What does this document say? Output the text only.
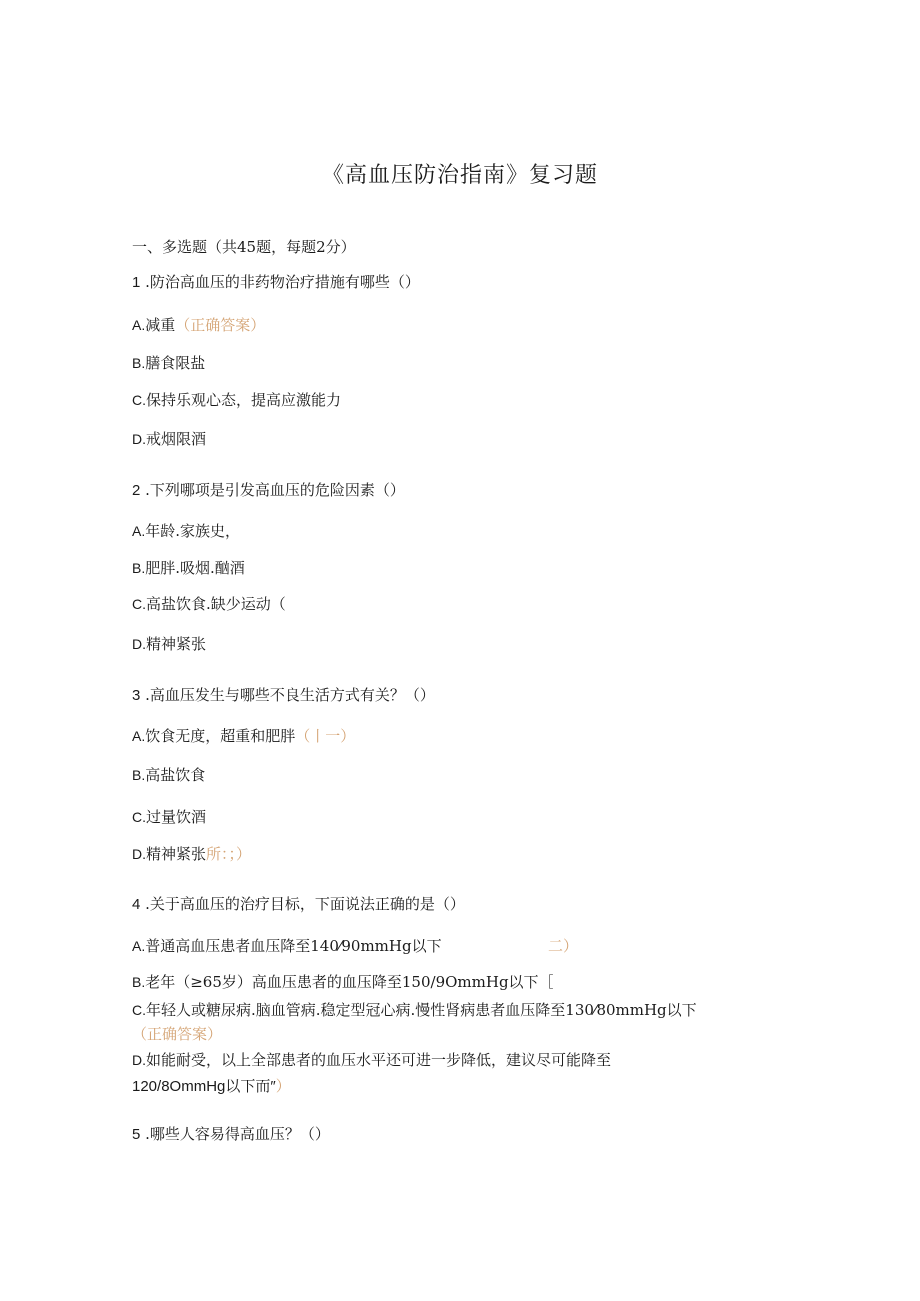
《高血压防治指南》复习题
一、多选题（共45题，每题2分）
1 .防治高血压的非药物治疗措施有哪些（）
A.减重（正确答案）
B.膳食限盐
C.保持乐观心态，提高应激能力
D.戒烟限酒
2 .下列哪项是引发高血压的危险因素（）
A.年龄.家族史，
B.肥胖.吸烟.酗酒
C.高盐饮食.缺少运动（
D.精神紧张
3 .高血压发生与哪些不良生活方式有关？（）
A.饮食无度，超重和肥胖（丨一）
B.高盐饮食
C.过量饮酒
D.精神紧张所：；）
4 .关于高血压的治疗目标，下面说法正确的是（）
A.普通高血压患者血压降至140⁄90mmHg以下	二）
B.老年（≥65岁）高血压患者的血压降至150/9OmmHg以下［
C.年轻人或糖尿病.脑血管病.稳定型冠心病.慢性肾病患者血压降至130⁄80mmHg以下
（正确答案）
D.如能耐受，以上全部患者的血压水平还可进一步降低，建议尽可能降至
120/8OmmHg以下而″）
5 .哪些人容易得高血压？（）
